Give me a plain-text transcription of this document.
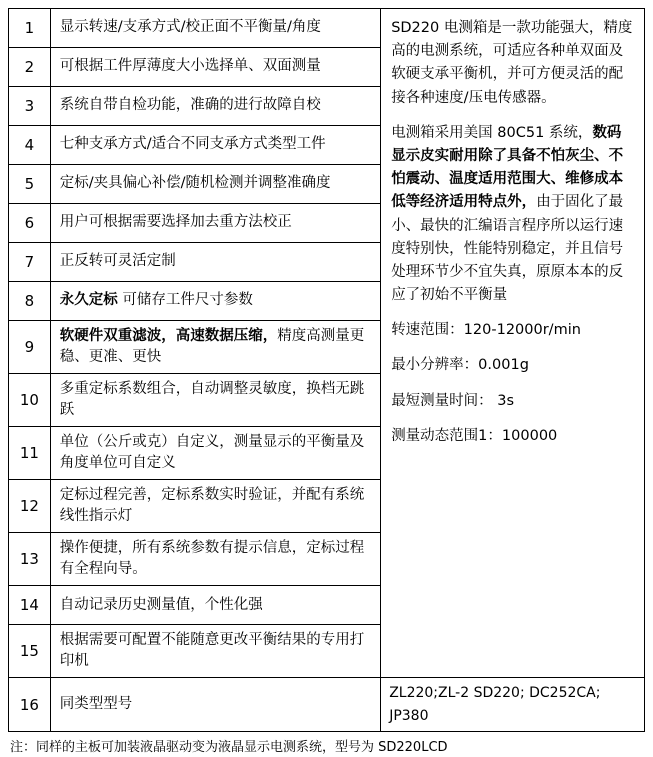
1	显示转速/支承方式/校正面不平衡量/角度	SD220 电测箱是一款功能强大，精度高的电测系统，可适应各种单双面及软硬支承平衡机，并可方便灵活的配接各种速度/压电传感器。
电测箱采用美国 80C51 系统，数码显示皮实耐用除了具备不怕灰尘、不怕震动、温度适用范围大、维修成本低等经济适用特点外，由于固化了最小、最快的汇编语言程序所以运行速度特别快，性能特别稳定，并且信号处理环节少不宜失真，原原本本的反应了初始不平衡量
转速范围：120-12000r/min
最小分辨率：0.001g
最短测量时间： 3s
测量动态范围1：100000

2	可根据工件厚薄度大小选择单、双面测量	
3	系统自带自检功能，准确的进行故障自校	
4	七种支承方式/适合不同支承方式类型工件	
5	定标/夹具偏心补偿/随机检测并调整准确度	
6	用户可根据需要选择加去重方法校正	
7	正反转可灵活定制	
8	永久定标 可储存工件尺寸参数	
9	软硬件双重滤波，高速数据压缩，精度高测量更稳、更准、更快	
10	多重定标系数组合，自动调整灵敏度，换档无跳跃	
11	单位（公斤或克）自定义，测量显示的平衡量及角度单位可自定义	
12	定标过程完善，定标系数实时验证，并配有系统线性指示灯	
13	操作便捷，所有系统参数有提示信息，定标过程有全程向导。	
14	自动记录历史测量值，个性化强	
15	根据需要可配置不能随意更改平衡结果的专用打印机	
16	同类型型号	ZL220;ZL-2 SD220; DC252CA; JP380
注：同样的主板可加装液晶驱动变为液晶显示电测系统，型号为 SD220LCD
